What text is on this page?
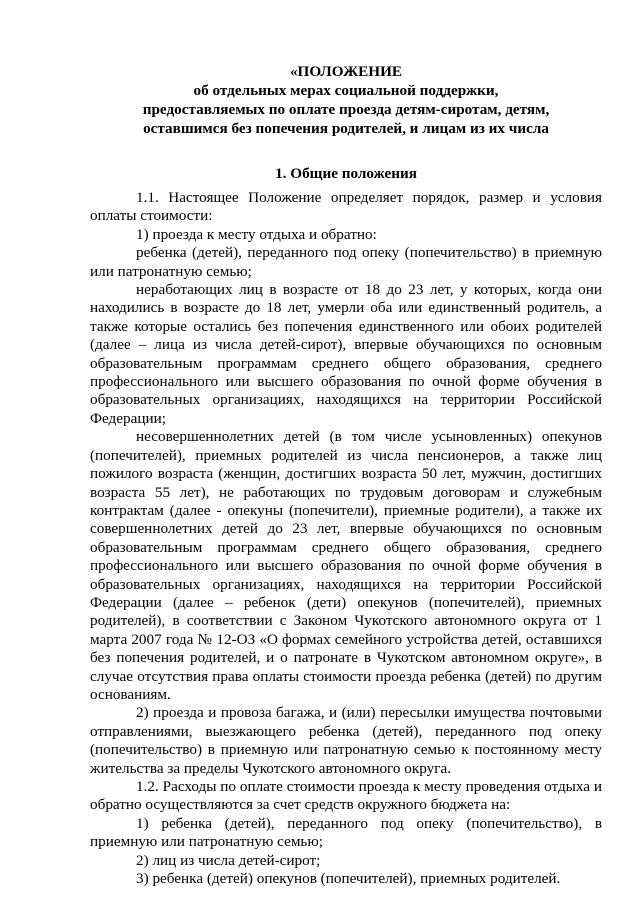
«ПОЛОЖЕНИЕ
об отдельных мерах социальной поддержки,
предоставляемых по оплате проезда детям-сиротам, детям,
оставшимся без попечения родителей, и лицам из их числа
1. Общие положения

1.1. Настоящее Положение определяет порядок, размер и условия оплаты стоимости:

1) проезда к месту отдыха и обратно:

ребенка (детей), переданного под опеку (попечительство) в приемную или патронатную семью;

неработающих лиц в возрасте от 18 до 23 лет, у которых, когда они находились в возрасте до 18 лет, умерли оба или единственный родитель, а также которые остались без попечения единственного или обоих родителей (далее – лица из числа детей-сирот), впервые обучающихся по основным образовательным программам среднего общего образования, среднего профессионального или высшего образования по очной форме обучения в образовательных организациях, находящихся на территории Российской Федерации;

несовершеннолетних детей (в том числе усыновленных) опекунов (попечителей), приемных родителей из числа пенсионеров, а также лиц пожилого возраста (женщин, достигших возраста 50 лет, мужчин, достигших возраста 55 лет), не работающих по трудовым договорам и служебным контрактам (далее - опекуны (попечители), приемные родители), а также их совершеннолетних детей до 23 лет, впервые обучающихся по основным образовательным программам среднего общего образования, среднего профессионального или высшего образования по очной форме обучения в образовательных организациях, находящихся на территории Российской Федерации (далее – ребенок (дети) опекунов (попечителей), приемных родителей), в соответствии с Законом Чукотского автономного округа от 1 марта 2007 года № 12-ОЗ «О формах семейного устройства детей, оставшихся без попечения родителей, и о патронате в Чукотском автономном округе», в случае отсутствия права оплаты стоимости проезда ребенка (детей) по другим основаниям.

2) проезда и провоза багажа, и (или) пересылки имущества почтовыми отправлениями, выезжающего ребенка (детей), переданного под опеку (попечительство) в приемную или патронатную семью к постоянному месту жительства за пределы Чукотского автономного округа.

1.2. Расходы по оплате стоимости проезда к месту проведения отдыха и обратно осуществляются за счет средств окружного бюджета на:

1) ребенка (детей), переданного под опеку (попечительство), в приемную или патронатную семью;

2) лиц из числа детей-сирот;

3) ребенка (детей) опекунов (попечителей), приемных родителей.
